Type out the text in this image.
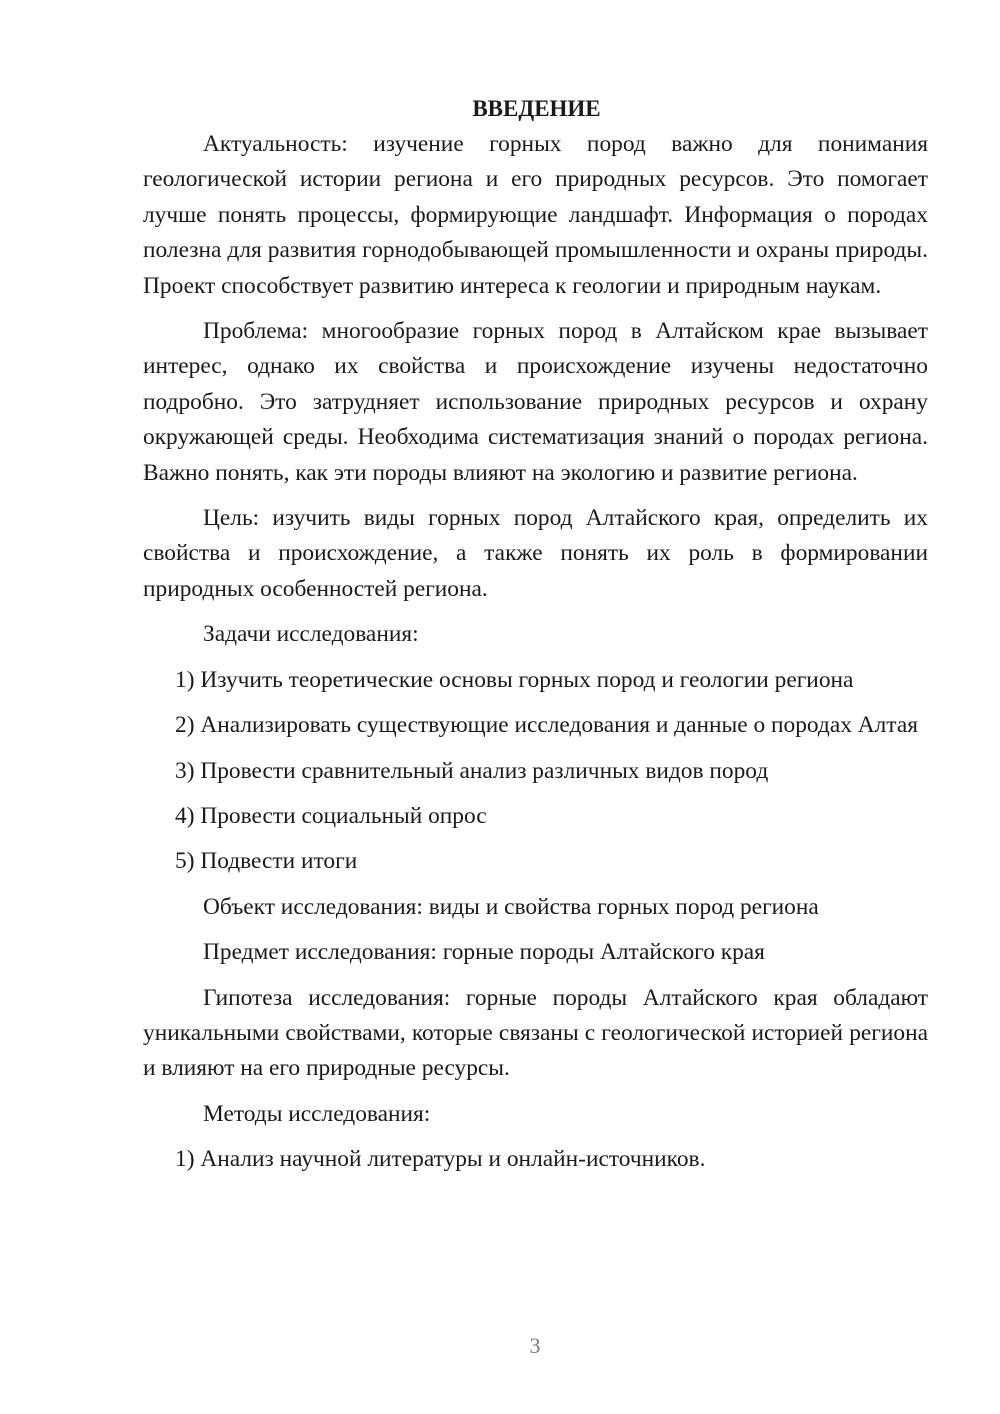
ВВЕДЕНИЕ

Актуальность: изучение горных пород важно для понимания геологической истории региона и его природных ресурсов. Это помогает лучше понять процессы, формирующие ландшафт. Информация о породах полезна для развития горнодобывающей промышленности и охраны природы. Проект способствует развитию интереса к геологии и природным наукам.

Проблема: многообразие горных пород в Алтайском крае вызывает интерес, однако их свойства и происхождение изучены недостаточно подробно. Это затрудняет использование природных ресурсов и охрану окружающей среды. Необходима систематизация знаний о породах региона. Важно понять, как эти породы влияют на экологию и развитие региона.

Цель: изучить виды горных пород Алтайского края, определить их свойства и происхождение, а также понять их роль в формировании природных особенностей региона.

Задачи исследования:

1) Изучить теоретические основы горных пород и геологии региона

2) Анализировать существующие исследования и данные о породах Алтая

3) Провести сравнительный анализ различных видов пород

4) Провести социальный опрос

5) Подвести итоги

Объект исследования: виды и свойства горных пород региона

Предмет исследования: горные породы Алтайского края

Гипотеза исследования: горные породы Алтайского края обладают уникальными свойствами, которые связаны с геологической историей региона и влияют на его природные ресурсы.

Методы исследования:

1) Анализ научной литературы и онлайн-источников.

3
